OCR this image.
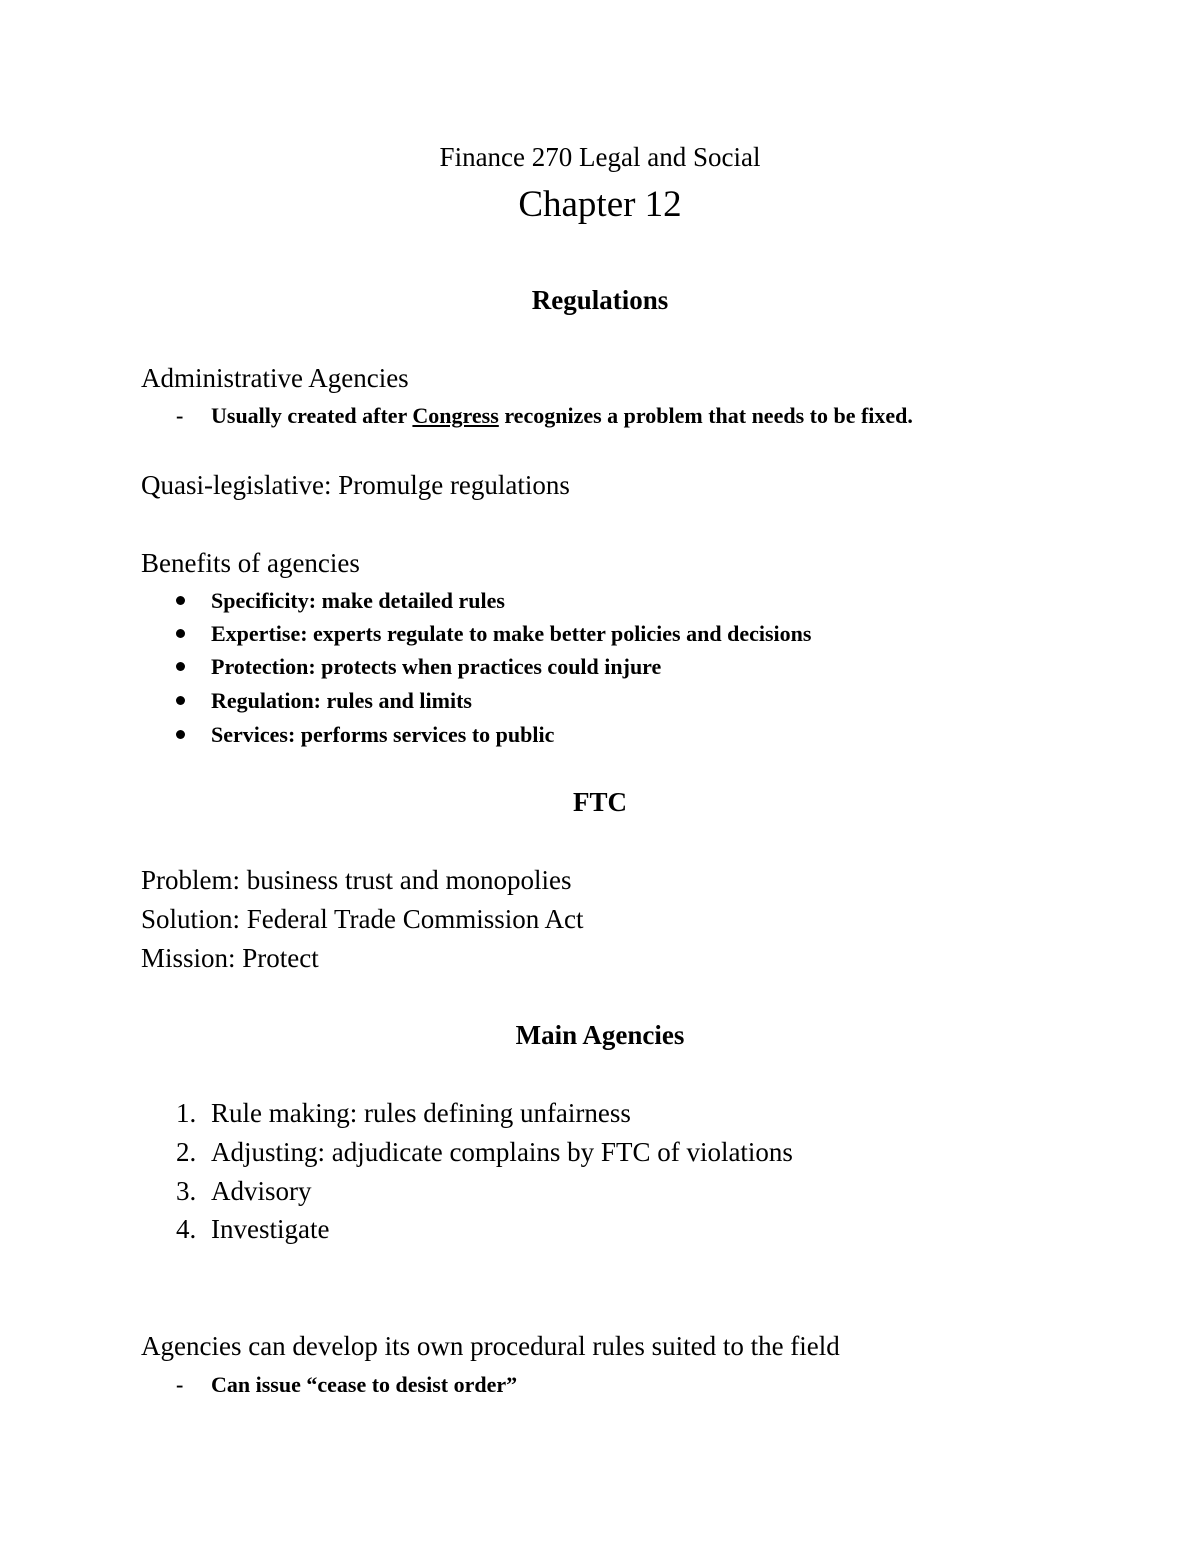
Finance 270 Legal and Social
Chapter 12
Regulations
Administrative Agencies
- Usually created after Congress recognizes a problem that needs to be fixed.
Quasi-legislative: Promulge regulations
Benefits of agencies
Specificity: make detailed rules
Expertise: experts regulate to make better policies and decisions
Protection: protects when practices could injure
Regulation: rules and limits
Services: performs services to public
FTC
Problem: business trust and monopolies
Solution: Federal Trade Commission Act
Mission: Protect
Main Agencies
1. Rule making: rules defining unfairness
2. Adjusting: adjudicate complains by FTC of violations
3. Advisory
4. Investigate
Agencies can develop its own procedural rules suited to the field
- Can issue “cease to desist order”
